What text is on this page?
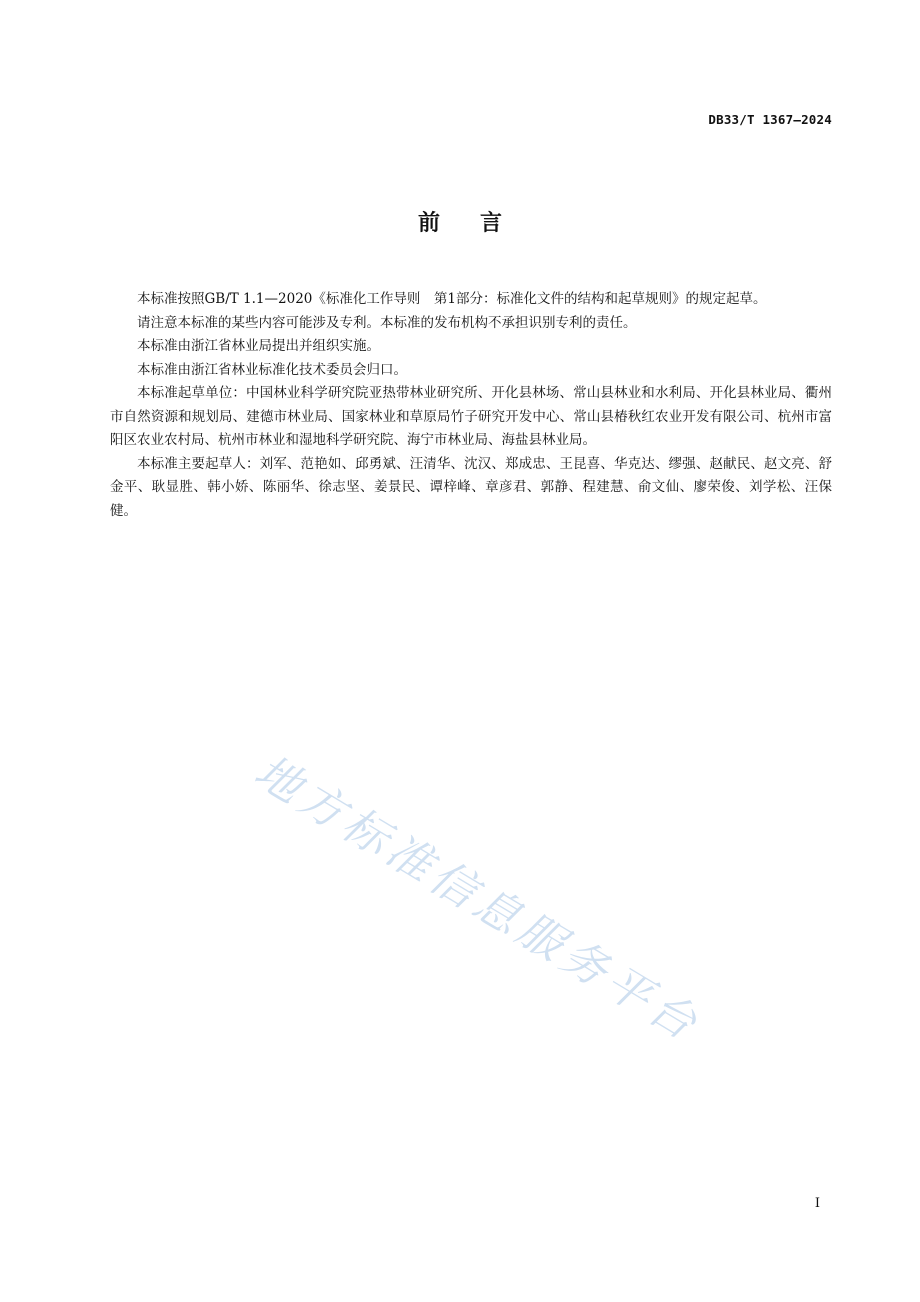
DB33/T 1367—2024
前言

本标准按照GB/T 1.1—2020《标准化工作导则　第1部分：标准化文件的结构和起草规则》的规定起草。

请注意本标准的某些内容可能涉及专利。本标准的发布机构不承担识别专利的责任。

本标准由浙江省林业局提出并组织实施。

本标准由浙江省林业标准化技术委员会归口。

本标准起草单位：中国林业科学研究院亚热带林业研究所、开化县林场、常山县林业和水利局、开化县林业局、衢州市自然资源和规划局、建德市林业局、国家林业和草原局竹子研究开发中心、常山县椿秋红农业开发有限公司、杭州市富阳区农业农村局、杭州市林业和湿地科学研究院、海宁市林业局、海盐县林业局。

本标准主要起草人：刘军、范艳如、邱勇斌、汪清华、沈汉、郑成忠、王昆喜、华克达、缪强、赵献民、赵文亮、舒金平、耿显胜、韩小娇、陈丽华、徐志坚、姜景民、谭梓峰、章彦君、郭静、程建慧、俞文仙、廖荣俊、刘学松、汪保健。

地方标准信息服务平台
I
